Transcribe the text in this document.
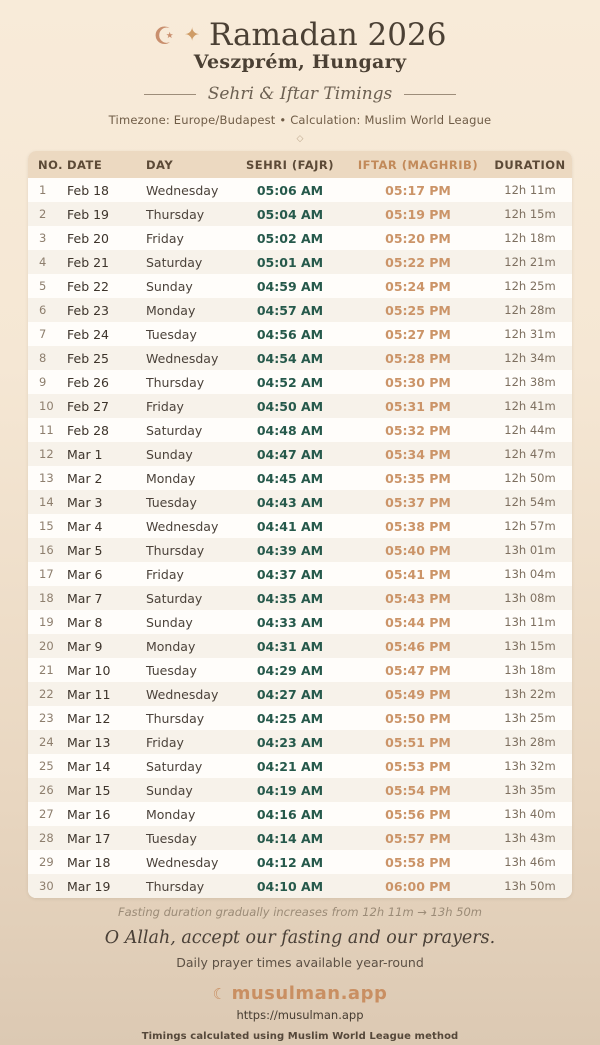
☪ ✦ Ramadan 2026
Veszprém, Hungary
Sehri & Iftar Timings
Timezone: Europe/Budapest • Calculation: Muslim World League
◇
NO.	DATE	DAY	SEHRI (FAJR)	IFTAR (MAGHRIB)	DURATION
1	Feb 18	Wednesday	05:06 AM	05:17 PM	12h 11m
2	Feb 19	Thursday	05:04 AM	05:19 PM	12h 15m
3	Feb 20	Friday	05:02 AM	05:20 PM	12h 18m
4	Feb 21	Saturday	05:01 AM	05:22 PM	12h 21m
5	Feb 22	Sunday	04:59 AM	05:24 PM	12h 25m
6	Feb 23	Monday	04:57 AM	05:25 PM	12h 28m
7	Feb 24	Tuesday	04:56 AM	05:27 PM	12h 31m
8	Feb 25	Wednesday	04:54 AM	05:28 PM	12h 34m
9	Feb 26	Thursday	04:52 AM	05:30 PM	12h 38m
10	Feb 27	Friday	04:50 AM	05:31 PM	12h 41m
11	Feb 28	Saturday	04:48 AM	05:32 PM	12h 44m
12	Mar 1	Sunday	04:47 AM	05:34 PM	12h 47m
13	Mar 2	Monday	04:45 AM	05:35 PM	12h 50m
14	Mar 3	Tuesday	04:43 AM	05:37 PM	12h 54m
15	Mar 4	Wednesday	04:41 AM	05:38 PM	12h 57m
16	Mar 5	Thursday	04:39 AM	05:40 PM	13h 01m
17	Mar 6	Friday	04:37 AM	05:41 PM	13h 04m
18	Mar 7	Saturday	04:35 AM	05:43 PM	13h 08m
19	Mar 8	Sunday	04:33 AM	05:44 PM	13h 11m
20	Mar 9	Monday	04:31 AM	05:46 PM	13h 15m
21	Mar 10	Tuesday	04:29 AM	05:47 PM	13h 18m
22	Mar 11	Wednesday	04:27 AM	05:49 PM	13h 22m
23	Mar 12	Thursday	04:25 AM	05:50 PM	13h 25m
24	Mar 13	Friday	04:23 AM	05:51 PM	13h 28m
25	Mar 14	Saturday	04:21 AM	05:53 PM	13h 32m
26	Mar 15	Sunday	04:19 AM	05:54 PM	13h 35m
27	Mar 16	Monday	04:16 AM	05:56 PM	13h 40m
28	Mar 17	Tuesday	04:14 AM	05:57 PM	13h 43m
29	Mar 18	Wednesday	04:12 AM	05:58 PM	13h 46m
30	Mar 19	Thursday	04:10 AM	06:00 PM	13h 50m
Fasting duration gradually increases from 12h 11m → 13h 50m
O Allah, accept our fasting and our prayers.
Daily prayer times available year-round
☾ musulman.app
https://musulman.app
Timings calculated using Muslim World League method
